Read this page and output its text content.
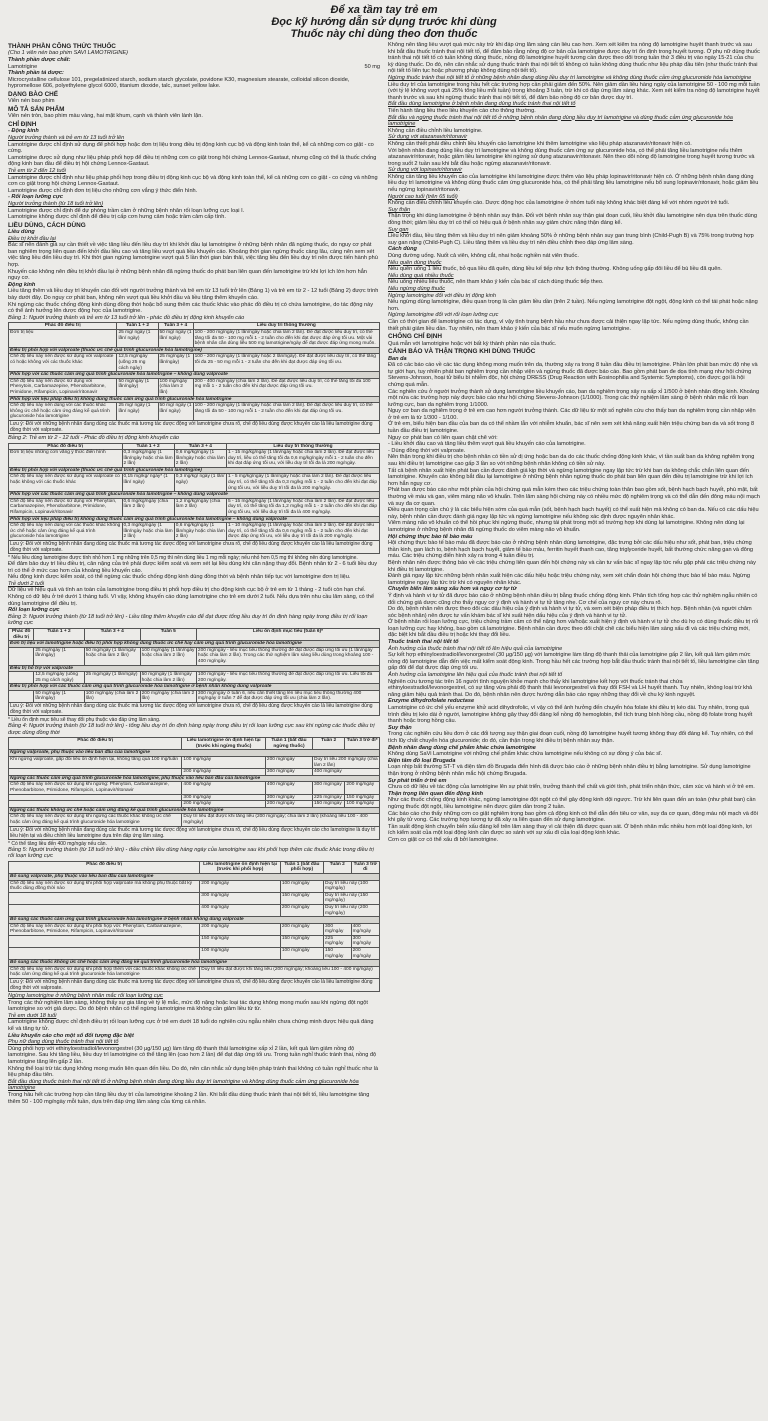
Để xa tầm tay trẻ em
Đọc kỹ hướng dẫn sử dụng trước khi dùng
Thuốc này chỉ dùng theo đơn thuốc
THÀNH PHẦN CÔNG THỨC THUỐC
(Cho 1 viên nén bao phim SAVI LAMOTRIGINE)
Thành phần dược chất:
Lamotrigine	50 mg
Thành phần tá dược:

Microcrystalline cellulose 101, pregelatinized starch, sodium starch glycolate, povidone K30, magnesium stearate, colloidal silicon dioxide, hypromellose 606, polyethylene glycol 6000, titanium dioxide, talc, sunset yellow lake.

DẠNG BÀO CHẾ

Viên nén bao phim

MÔ TẢ SẢN PHẨM

Viên nén tròn, bao phim màu vàng, hai mặt khum, cạnh và thành viên lành lặn.

CHỈ ĐỊNH
- Động kinh
Người trưởng thành và trẻ em từ 13 tuổi trở lên

Lamotrigine được chỉ định sử dụng để phối hợp hoặc đơn trị liệu trong điều trị động kinh cục bộ và động kinh toàn thể, kể cả những cơn co giật - co cứng.

Lamotrigine được sử dụng như liệu pháp phối hợp để điều trị những cơn co giật trong hội chứng Lennox-Gastaut, nhưng cũng có thể là thuốc chống động kinh ban đầu để điều trị hội chứng Lennox-Gastaut.

Trẻ em từ 2 đến 12 tuổi

Lamotrigine được chỉ định như liệu pháp phối hợp trong điều trị động kinh cục bộ và động kinh toàn thể, kể cả những cơn co giật - co cứng và những cơn co giật trong hội chứng Lennox-Gastaut.

Lamotrigine được chỉ định đơn trị liệu cho những cơn vắng ý thức điển hình.

- Rối loạn lưỡng cực
Người trưởng thành (từ 18 tuổi trở lên)

Lamotrigine được chỉ định để dự phòng trầm cảm ở những bệnh nhân rối loạn lưỡng cực loại I.

Lamotrigine không được chỉ định để điều trị cấp cơn hưng cảm hoặc trầm cảm cấp tính.

LIỀU DÙNG, CÁCH DÙNG
Liều dùng
Điều trị khởi đầu lại

Bác sĩ nên đánh giá sự cần thiết về việc tăng liều đến liều duy trì khi khởi đầu lại lamotrigine ở những bệnh nhân đã ngừng thuốc, do nguy cơ phát ban nghiêm trọng liên quan đến khởi đầu liều cao và tăng liều vượt quá liều khuyến cáo. Khoảng thời gian ngừng thuốc càng lâu, càng nên xem xét việc tăng liều đến liều duy trì. Khi thời gian ngừng lamotrigine vượt quá 5 lần thời gian bán thải, việc tăng liều đến liều duy trì nên được tiến hành phù hợp.

Khuyến cáo không nên điều trị khởi đầu lại ở những bệnh nhân đã ngừng thuốc do phát ban liên quan đến lamotrigine trừ khi lợi ích lớn hơn hẳn nguy cơ.

Động kinh

Liều tăng thêm và liều duy trì khuyến cáo đối với người trưởng thành và trẻ em từ 13 tuổi trở lên (Bảng 1) và trẻ em từ 2 - 12 tuổi (Bảng 2) được trình bày dưới đây. Do nguy cơ phát ban, không nên vượt quá liều khởi đầu và liều tăng thêm khuyến cáo.

Khi ngừng các thuốc chống động kinh dùng đồng thời hoặc bổ sung thêm các thuốc khác vào phác đồ điều trị có chứa lamotrigine, do tác động này có thể ảnh hưởng lên dược động học của lamotrigine.

Bảng 1: Người trưởng thành và trẻ em từ 13 tuổi trở lên - phác đồ điều trị động kinh khuyến cáo
Phác đồ điều trị	Tuần 1 + 2	Tuần 3 + 4	Liều duy trì thông thường
Đơn trị liệu	25 mg/ ngày (1 lần/ ngày)	50 mg/ ngày (1 lần/ ngày)	100 - 200 mg/ngày (1 lần/ngày hoặc chia làm 2 lần). Để đạt được liều duy trì, có thể tăng tối đa 50 - 100 mg mỗi 1 - 2 tuần cho đến khi đạt được đáp ứng tối ưu. Một vài bệnh nhân cần dùng liều 500 mg lamotrigine/ngày để đạt được đáp ứng mong muốn.
Điều trị phối hợp với valproate (thuốc ức chế quá trình glucuronide hóa lamotrigine)			
Chế độ liều này nên được sử dụng với valproate có hoặc không với các thuốc khác	12,5 mg/ngày (uống 25 mg cách ngày)	25 mg/ngày (1 lần/ngày)	100 - 200 mg/ngày (1 lần/ngày hoặc 2 lần/ngày). Để đạt được liều duy trì, có thể tăng tối đa 25 - 50 mg mỗi 1 - 2 tuần cho đến khi đạt được đáp ứng tối ưu.
Phối hợp với các thuốc cảm ứng quá trình glucuronide hóa lamotrigine – không dùng valproate			
Chế độ liều này nên được sử dụng với Phenytoin, Carbamazepine, Phenobarbitone, Primidone, Rifampicin, Lopinavir/ritonavir	50 mg/ngày (1 lần/ngày)	100 mg/ngày (chia làm 2 lần)	200 - 400 mg/ngày (chia làm 2 lần). Để đạt được liều duy trì, có thể tăng tối đa 100 mg mỗi 1 - 2 tuần cho đến khi đạt được đáp ứng tối ưu.
Phối hợp với liệu pháp điều trị không dùng thuốc cảm ứng quá trình glucuronide hóa lamotrigine			
Chế độ liều này nên dùng với các thuốc khác không ức chế hoặc cảm ứng đáng kể quá trình glucuronide hóa lamotrigine	25 mg/ ngày (1 lần/ ngày)	50 mg/ ngày (1 lần/ ngày)	100 - 200 mg/ngày (1 lần/ngày hoặc chia làm 2 lần). Để đạt được liều duy trì, có thể tăng tối đa 50 - 100 mg mỗi 1 - 2 tuần cho đến khi đạt đáp ứng tối ưu.
Lưu ý: Đối với những bệnh nhân đang dùng các thuốc mà tương tác dược động với lamotrigine chưa rõ, chế độ liều dùng được khuyến cáo là liều lamotrigine dùng đồng thời với valproate.			
Bảng 2: Trẻ em từ 2 - 12 tuổi - Phác đồ điều trị động kinh khuyến cáo
Phác đồ điều trị	Tuần 1 + 2	Tuần 3 + 4	Liều duy trì thông thường
Đơn trị liệu những cơn vắng ý thức điển hình	0,3 mg/kg/ngày (1 lần/ngày hoặc chia làm 2 lần)	0,6 mg/kg/ngày (1 lần/ngày hoặc chia làm 2 lần)	1 - 15 mg/kg/ngày (1 lần/ngày hoặc chia làm 2 lần). Để đạt được liều duy trì, liều có thể tăng tối đa 0,6 mg/kg/ngày mỗi 1 - 2 tuần cho đến khi đạt đáp ứng tối ưu, với liều duy trì tối đa là 200 mg/ngày.
Điều trị phối hợp với valproate (thuốc ức chế quá trình glucuronide hóa lamotrigine)			
Chế độ liều này nên được sử dụng với valproate có hoặc không với các thuốc khác	0,15 mg/kg/ ngày* (1 lần/ ngày)	0,3 mg/kg/ ngày (1 lần/ ngày)	1 - 5 mg/kg/ngày (1 lần/ngày hoặc chia làm 2 lần). Để đạt được liều duy trì, có thể tăng tối đa 0,3 mg/kg mỗi 1 - 2 tuần cho đến khi đạt đáp ứng tối ưu, với liều duy trì tối đa là 200 mg/ngày.
Phối hợp với các thuốc cảm ứng quá trình glucuronide hóa lamotrigine – không dùng valproate			
Chế độ liều này nên được sử dụng với Phenytoin, Carbamazepine, Phenobarbitone, Primidone, Rifampicin, Lopinavir/ritonavir	0,6 mg/kg/ngày (chia làm 2 lần)	1,2 mg/kg/ngày (chia làm 2 lần)	5 - 15 mg/kg/ngày (1 lần/ngày hoặc chia làm 2 lần). Để đạt được liều duy trì, có thể tăng tối đa 1,2 mg/kg mỗi 1 - 2 tuần cho đến khi đạt đáp ứng tối ưu, với liều duy trì tối đa là 400 mg/ngày.
Phối hợp với liệu pháp điều trị không dùng thuốc cảm ứng quá trình glucuronide hóa lamotrigine – không dùng valproate			
Chế độ liều này nên dùng với các thuốc khác không ức chế hoặc cảm ứng đáng kể quá trình glucuronide hóa lamotrigine	0,3 mg/kg/ngày (1 lần/ngày hoặc chia làm 2 lần)	0,6 mg/kg/ngày (1 lần/ngày hoặc chia làm 2 lần)	1 - 10 mg/kg/ngày (1 lần/ngày hoặc chia làm 2 lần). Để đạt được liều duy trì, có thể tăng tối đa 0,6 mg/kg mỗi 1 - 2 tuần cho đến khi đạt được đáp ứng tối ưu, với liều duy trì tối đa là 200 mg/ngày.
Lưu ý: Đối với những bệnh nhân đang dùng các thuốc mà tương tác dược động với lamotrigine chưa rõ, chế độ liều dùng được khuyến cáo là liều lamotrigine dùng đồng thời với valproate.			

* Nếu liều dùng lamotrigine được tính nhỏ hơn 1 mg những trên 0,5 mg thì nên dùng liều 1 mg mỗi ngày; nếu nhỏ hơn 0,5 mg thì không nên dùng lamotrigine.

Để đảm bảo duy trì liều điều trị, cân nặng của trẻ phải được kiểm soát và xem xét lại liều dùng khi cân nặng thay đổi. Bệnh nhân từ 2 - 6 tuổi liều duy trì có thể ở mức cao hơn của khoảng liều khuyến cáo.

Nếu động kinh được kiểm soát, có thể ngừng các thuốc chống động kinh dùng đồng thời và bệnh nhân tiếp tục với lamotrigine đơn trị liệu.

Trẻ dưới 2 tuổi

Dữ liệu về hiệu quả và tính an toàn của lamotrigine trong điều trị phối hợp điều trị cho động kinh cục bộ ở trẻ em từ 1 tháng - 2 tuổi còn hạn chế. Không có dữ liệu ở trẻ dưới 1 tháng tuổi. Vì vậy, không khuyến cáo dùng lamotrigine cho trẻ em dưới 2 tuổi. Nếu dựa trên nhu cầu lâm sàng, có thể dùng lamotrigine để điều trị.

Rối loạn lưỡng cực
Bảng 3: Người trưởng thành (từ 18 tuổi trở lên) - Liều tăng thêm khuyến cáo để đạt được tổng liều duy trì ổn định hàng ngày trong điều trị rối loạn lưỡng cực
Phác đồ điều trị	Tuần 1 + 2	Tuần 3 + 4	Tuần 5	Liều ổn định mục tiêu (tuần 6)*
Đơn trị liệu với lamotrigine hoặc điều trị phối hợp không dùng thuốc ức chế hay cảm ứng quá trình glucuronide hóa lamotrigine				
	25 mg/ngày (1 lần/ngày)	50 mg/ngày (1 lần/ngày hoặc chia làm 2 lần)	100 mg/ngày (1 lần/ngày hoặc chia làm 2 lần)	200 mg/ngày - liều mục tiêu thông thường để đạt được đáp ứng tối ưu (1 lần/ngày hoặc chia làm 2 lần). Trong các thử nghiệm lâm sàng liều dùng trong khoảng 100 - 400 mg/ngày.
Điều trị hỗ trợ với valproate				
	12,5 mg/ngày (uống 25 mg cách ngày)	25 mg/ngày (1 lần/ngày)	50 mg/ngày (1 lần/ngày hoặc chia làm 2 lần)	100 mg/ngày - liều mục tiêu thông thường để đạt được đáp ứng tối ưu. Liều tối đa 200 mg/ngày.
Điều trị phối hợp với các thuốc cảm ứng quá trình glucuronide hóa lamotrigine ở bệnh nhân không dùng valproate				
	50 mg/ngày (1 lần/ngày)	100 mg/ngày (chia làm 2 lần)	200 mg/ngày (chia làm 2 lần)	300 mg/ngày ở tuần 6, nếu cần thiết tăng lên liều mục tiêu thông thường 400 mg/ngày ở tuần 7 để đạt được đáp ứng tối ưu (chia làm 2 lần).
Lưu ý: Đối với những bệnh nhân đang dùng các thuốc mà tương tác dược động với lamotrigine chưa rõ, chế độ liều dùng được khuyến cáo là liều lamotrigine dùng đồng thời với valproate.				

* Liều ổn định mục tiêu sẽ thay đổi phụ thuộc vào đáp ứng lâm sàng.

Bảng 4: Người trưởng thành (từ 18 tuổi trở lên) - tổng liều duy trì ổn định hàng ngày trong điều trị rối loạn lưỡng cực sau khi ngừng các thuốc điều trị được dùng đồng thời
Phác đồ điều trị	Liều lamotrigine ổn định hiện tại (trước khi ngừng thuốc)	Tuần 1 (bắt đầu ngừng thuốc)	Tuần 2	Tuần 3 trở đi*
Ngừng valproate, phụ thuộc vào liều ban đầu của lamotrigine				
Khi ngừng valproate, gấp đôi liều ổn định hiện tại, không tăng quá 100 mg/tuần	100 mg/ngày	200 mg/ngày	Duy trì liều 200 mg/ngày (chia làm 2 lần)	
	200 mg/ngày	300 mg/ngày	400 mg/ngày	
Ngừng các thuốc cảm ứng quá trình glucuronide hóa lamotrigine, phụ thuộc vào liều ban đầu của lamotrigine				
Chế độ liều này nên được sử dụng khi ngừng: Phenytoin, Carbamazepine, Phenobarbitone, Primidone, Rifampicin, Lopinavir/ritonavir	400 mg/ngày	400 mg/ngày	300 mg/ngày	200 mg/ngày
	300 mg/ngày	300 mg/ngày	225 mg/ngày	150 mg/ngày
	200 mg/ngày	200 mg/ngày	150 mg/ngày	100 mg/ngày
Ngừng các thuốc không ức chế hoặc cảm ứng đáng kể quá trình glucuronide hóa lamotrigine				
Chế độ liều này nên được sử dụng khi ngừng các thuốc khác không ức chế hoặc cảm ứng đáng kể quá trình glucuronide hóa lamotrigine	Duy trì liều đạt được khi tăng liều (200 mg/ngày; chia làm 2 lần) (khoảng liều 100 - 400 mg/ngày)			
Lưu ý: Đối với những bệnh nhân đang dùng các thuốc mà tương tác dược động với lamotrigine chưa rõ, chế độ liều dùng được khuyến cáo cho lamotrigine là duy trì liều hiện tại và điều chỉnh liều lamotrigine dựa trên đáp ứng lâm sàng.				

* Có thể tăng liều đến 400 mg/ngày nếu cần.

Bảng 5: Người trưởng thành (từ 18 tuổi trở lên) - điều chỉnh liều dùng hàng ngày của lamotrigine sau khi phối hợp thêm các thuốc khác trong điều trị rối loạn lưỡng cực
Phác đồ điều trị	Liều lamotrigine ổn định hiện tại (trước khi phối hợp)	Tuần 1 (bắt đầu phối hợp)	Tuần 2	Tuần 3 trở đi
Bổ sung valproate, phụ thuộc vào liều ban đầu của lamotrigine				
Chế độ liều này nên được sử dụng khi phối hợp valproate mà không phụ thuộc bất kỳ thuốc dùng đồng thời nào	200 mg/ngày	100 mg/ngày	Duy trì liều này (100 mg/ngày)	
	300 mg/ngày	150 mg/ngày	Duy trì liều này (150 mg/ngày)	
	400 mg/ngày	200 mg/ngày	Duy trì liều này (200 mg/ngày)	
Bổ sung các thuốc cảm ứng quá trình glucuronide hóa lamotrigine ở bệnh nhân không dùng valproate				
Chế độ liều này nên được sử dụng khi phối hợp với: Phenytoin, Carbamazepine, Phenobarbitone, Primidone, Rifampicin, Lopinavir/ritonavir	200 mg/ngày	200 mg/ngày	300 mg/ngày	400 mg/ngày
	150 mg/ngày	150 mg/ngày	225 mg/ngày	300 mg/ngày
	100 mg/ngày	100 mg/ngày	150 mg/ngày	200 mg/ngày
Bổ sung các thuốc không ức chế hoặc cảm ứng đáng kể quá trình glucuronide hóa lamotrigine				
Chế độ liều này nên được sử dụng khi phối hợp thêm với các thuốc khác không ức chế hoặc cảm ứng đáng kể quá trình glucuronide hóa lamotrigine	Duy trì liều đạt được khi tăng liều (200 mg/ngày; khoảng liều 100 - 400 mg/ngày)			
Lưu ý: Đối với những bệnh nhân đang dùng các thuốc mà tương tác dược động với lamotrigine chưa rõ, chế độ liều dùng được khuyến cáo là liều lamotrigine dùng đồng thời với valproate.				
Ngừng lamotrigine ở những bệnh nhân mắc rối loạn lưỡng cực

Trong các thử nghiệm lâm sàng, không thấy sự gia tăng về tỷ lệ mắc, mức độ nặng hoặc loại tác dụng không mong muốn sau khi ngừng đột ngột lamotrigine so với giả dược. Do đó bệnh nhân có thể ngừng lamotrigine mà không cần giảm liều từ từ.

Trẻ em dưới 18 tuổi

Lamotrigine không được chỉ định điều trị rối loạn lưỡng cực ở trẻ em dưới 18 tuổi do nghiên cứu ngẫu nhiên chưa chứng minh được hiệu quả đáng kể và tăng tự tử.

Liều khuyến cáo cho một số đối tượng đặc biệt
Phụ nữ đang dùng thuốc tránh thai nội tiết tố

Dùng phối hợp với ethinyloestradiol/levonorgestrel (30 µg/150 µg) làm tăng độ thanh thải lamotrigine xấp xỉ 2 lần, kết quả làm giảm nồng độ lamotrigine. Sau khi tăng liều, liều duy trì lamotrigine có thể tăng lên (cao hơn 2 lần) để đạt đáp ứng tối ưu. Trong tuần nghỉ thuốc tránh thai, nồng độ lamotrigine tăng lên gấp 2 lần.

Không thể loại trừ tác dụng không mong muốn liên quan đến liều. Do đó, nên cân nhắc sử dụng biện pháp tránh thai không có tuần nghỉ thuốc như là liệu pháp đầu tiên.

Bắt đầu dùng thuốc tránh thai nội tiết tố ở những bệnh nhân đang dùng liều duy trì lamotrigine và không dùng thuốc cảm ứng glucuronide hóa lamotrigine

Trong hầu hết các trường hợp cần tăng liều duy trì của lamotrigine khoảng 2 lần. Khi bắt đầu dùng thuốc tránh thai nội tiết tố, liều lamotrigine tăng thêm 50 - 100 mg/ngày mỗi tuần, dựa trên đáp ứng lâm sàng của từng cá nhân.

Không nên tăng liều vượt quá mức này trừ khi đáp ứng lâm sàng cần liều cao hơn. Xem xét kiểm tra nồng độ lamotrigine huyết thanh trước và sau khi bắt đầu thuốc tránh thai nội tiết tố, để đảm bảo rằng nồng độ cơ bản của lamotrigine được duy trì ổn định trong huyết tương. Ở phụ nữ dùng thuốc tránh thai nội tiết tố có tuần không dùng thuốc, nồng độ lamotrigine huyết tương cần được theo dõi trong tuần thứ 3 điều trị vào ngày 15-21 của chu kỳ dùng thuốc. Do đó, nên cân nhắc sử dụng thuốc tránh thai nội tiết tố không có tuần không dùng thuốc như liệu pháp đầu tiên (như thuốc tránh thai nội tiết tố liên tục hoặc phương pháp không dùng nội tiết tố).

Ngừng thuốc tránh thai nội tiết tố ở những bệnh nhân đang dùng liều duy trì lamotrigine và không dùng thuốc cảm ứng glucuronide hóa lamotrigine

Liều duy trì của lamotrigine trong hầu hết các trường hợp cần phải giảm đến 50%. Nên giảm dần liều hàng ngày của lamotrigine 50 - 100 mg mỗi tuần (với tỷ lệ không vượt quá 25% tổng liều mỗi tuần) trong khoảng 3 tuần, trừ khi có đáp ứng lâm sàng khác. Xem xét kiểm tra nồng độ lamotrigine huyết thanh trước và sau khi ngừng thuốc tránh thai nội tiết tố, để đảm bảo nồng độ cơ bản được duy trì.

Bắt đầu dùng lamotrigine ở bệnh nhân đang dùng thuốc tránh thai nội tiết tố

Tiến hành tăng liều theo liều khuyến cáo cho thông thường.

Bắt đầu và ngừng thuốc tránh thai nội tiết tố ở những bệnh nhân đang dùng liều duy trì lamotrigine và dùng thuốc cảm ứng glucuronide hóa lamotrigine

Không cần điều chỉnh liều lamotrigine.

Sử dụng với atazanavir/ritonavir

Không cần thiết phải điều chỉnh liều khuyến cáo lamotrigine khi thêm lamotrigine vào liệu pháp atazanavir/ritonavir hiện có.

Với bệnh nhân đang dùng liều duy trì lamotrigine và không dùng thuốc cảm ứng sự glucuronide hóa, có thể phải tăng liều lamotrigine nếu thêm atazanavir/ritonavir, hoặc giảm liều lamotrigine khi ngừng sử dụng atazanavir/ritonavir. Nên theo dõi nồng độ lamotrigine trong huyết tương trước và trong suốt 2 tuần sau khi bắt đầu hoặc ngừng atazanavir/ritonavir.

Sử dụng với lopinavir/ritonavir

Không cần tăng liều khuyến cáo của lamotrigine khi lamotrigine được thêm vào liệu pháp lopinavir/ritonavir hiện có. Ở những bệnh nhân đang dùng liều duy trì lamotrigine và không dùng thuốc cảm ứng glucuronide hóa, có thể phải tăng liều lamotrigine nếu bổ sung lopinavir/ritonavir, hoặc giảm liều nếu ngừng lopinavir/ritonavir.

Người cao tuổi (trên 65 tuổi)

Không cần điều chỉnh liều khuyến cáo. Dược động học của lamotrigine ở nhóm tuổi này không khác biệt đáng kể với nhóm người trẻ tuổi.

Suy thận

Thận trọng khi dùng lamotrigine ở bệnh nhân suy thận. Đối với bệnh nhân suy thận giai đoạn cuối, liều khởi đầu lamotrigine nên dựa trên thuốc dùng đồng thời; giảm liều duy trì có thể có hiệu quả ở bệnh nhân suy giảm chức năng thận đáng kể.

Suy gan

Liều khởi đầu, liều tăng thêm và liều duy trì nên giảm khoảng 50% ở những bệnh nhân suy gan trung bình (Child-Pugh B) và 75% trong trường hợp suy gan nặng (Child-Pugh C). Liều tăng thêm và liều duy trì nên điều chỉnh theo đáp ứng lâm sàng.

Cách dùng

Dùng đường uống. Nuốt cả viên, không cắt, nhai hoặc nghiền nát viên thuốc.

Nếu quên dùng thuốc

Nếu quên uống 1 liều thuốc, bỏ qua liều đã quên, dùng liều kế tiếp như lịch thông thường. Không uống gấp đôi liều để bù liều đã quên.

Nếu dùng quá nhiều thuốc

Nếu uống nhiều liều thuốc, nên tham khảo ý kiến của bác sĩ cách dùng thuốc tiếp theo.

Nếu ngừng dùng thuốc
Ngừng lamotrigine đối với điều trị động kinh

Nếu ngừng dùng lamotrigine, điều quan trọng là cần giảm liều dần (trên 2 tuần). Nếu ngừng lamotrigine đột ngột, động kinh có thể tái phát hoặc nặng hơn.

Ngừng lamotrigine đối với rối loạn lưỡng cực

Cần có thời gian để lamotrigine có tác dụng, vì vậy tình trạng bệnh hầu như chưa được cải thiện ngay lập tức. Nếu ngừng dùng thuốc, không cần thiết phải giảm liều dần. Tuy nhiên, nên tham khảo ý kiến của bác sĩ nếu muốn ngừng lamotrigine.

CHỐNG CHỈ ĐỊNH

Quá mẫn với lamotrigine hoặc với bất kỳ thành phần nào của thuốc.

CẢNH BÁO VÀ THẬN TRỌNG KHI DÙNG THUỐC
Ban da

Đã có các báo cáo về các tác dụng không mong muốn trên da, thường xảy ra trong 8 tuần đầu điều trị lamotrigine. Phần lớn phát ban mức độ nhẹ và tự giới hạn, tuy nhiên phát ban nghiêm trọng cần nhập viện và ngừng thuốc đã được báo cáo. Bao gồm phát ban đe dọa tính mạng như hội chứng Stevens-Johnson, hoại tử biểu bì nhiễm độc, hội chứng DRESS (Drug Reaction with Eosinophilia and Systemic Symptoms), còn được gọi là hội chứng quá mẫn.

Các nghiên cứu ở người trưởng thành sử dụng lamotrigine liều khuyến cáo, ban da nghiêm trọng xảy ra xấp xỉ 1/500 ở bệnh nhân động kinh. Khoảng một nửa các trường hợp này được báo cáo như hội chứng Stevens-Johnson (1/1000). Trong các thử nghiệm lâm sàng ở bệnh nhân mắc rối loạn lưỡng cực, ban da nghiêm trọng 1/1000.

Nguy cơ ban da nghiêm trọng ở trẻ em cao hơn người trưởng thành. Các dữ liệu từ một số nghiên cứu cho thấy ban da nghiêm trọng cần nhập viện ở trẻ em là từ 1/300 - 1/100.

Ở trẻ em, biểu hiện ban đầu của ban da có thể nhầm lẫn với nhiễm khuẩn, bác sĩ nên xem xét khả năng xuất hiện triệu chứng ban da và sốt trong 8 tuần đầu điều trị lamotrigine.

Nguy cơ phát ban có liên quan chặt chẽ với:

- Liều khởi đầu cao và tăng liều thêm vượt quá liều khuyến cáo của lamotrigine.
- Dùng đồng thời với valproate.

Nên thận trọng khi điều trị cho bệnh nhân có tiền sử dị ứng hoặc ban da do các thuốc chống động kinh khác, vì tần suất ban da không nghiêm trọng sau khi điều trị lamotrigine cao gấp 3 lần so với những bệnh nhân không có tiền sử này.

Tất cả bệnh nhân xuất hiện phát ban cần được đánh giá kịp thời và ngừng lamotrigine ngay lập tức trừ khi ban da không chắc chắn liên quan đến lamotrigine. Khuyến cáo không bắt đầu lại lamotrigine ở những bệnh nhân ngừng thuốc do phát ban liên quan đến điều trị lamotrigine trừ khi lợi ích hơn hẳn nguy cơ.

Phát ban được báo cáo như một phần của hội chứng quá mẫn kèm theo các triệu chứng toàn thân bao gồm sốt, bệnh hạch bạch huyết, phù mặt, bất thường về máu và gan, viêm màng não vô khuẩn. Trên lâm sàng hội chứng này có nhiều mức độ nghiêm trọng và có thể dẫn đến đông máu nội mạch và suy đa cơ quan.

Điều quan trọng cần chú ý là các biểu hiện sớm của quá mẫn (sốt, bệnh hạch bạch huyết) có thể xuất hiện mà không có ban da. Nếu có các dấu hiệu này, bệnh nhân cần được đánh giá ngay lập tức và ngừng lamotrigine nếu không xác định được nguyên nhân khác.

Viêm màng não vô khuẩn có thể hồi phục khi ngừng thuốc, nhưng tái phát trong một số trường hợp khi dùng lại lamotrigine. Không nên dùng lại lamotrigine ở những bệnh nhân đã ngừng thuốc do viêm màng não vô khuẩn.

Hội chứng thực bào tế bào máu

Hội chứng thực bào tế bào máu đã được báo cáo ở những bệnh nhân dùng lamotrigine, đặc trưng bởi các dấu hiệu như sốt, phát ban, triệu chứng thần kinh, gan lách to, bệnh hạch bạch huyết, giảm tế bào máu, ferritin huyết thanh cao, tăng triglyceride huyết, bất thường chức năng gan và đông máu. Các triệu chứng điển hình xảy ra trong 4 tuần điều trị.

Bệnh nhân nên được thông báo về các triệu chứng liên quan đến hội chứng này và cần tư vấn bác sĩ ngay lập tức nếu gặp phải các triệu chứng này khi điều trị lamotrigine.

Đánh giá ngay lập tức những bệnh nhân xuất hiện các dấu hiệu hoặc triệu chứng này, xem xét chẩn đoán hội chứng thực bào tế bào máu. Ngừng lamotrigine ngay lập tức trừ khi có nguyên nhân khác.

Chuyển biến lâm sàng xấu hơn và nguy cơ tự tử

Ý định và hành vi tự tử đã được báo cáo ở những bệnh nhân điều trị bằng thuốc chống động kinh. Phân tích tổng hợp các thử nghiệm ngẫu nhiên có đối chứng giả dược cũng cho thấy nguy cơ ý định và hành vi tự tử tăng nhẹ. Cơ chế của nguy cơ này chưa rõ.

Do đó, bệnh nhân nên được theo dõi các dấu hiệu của ý định và hành vi tự tử, và xem xét biện pháp điều trị thích hợp. Bệnh nhân (và người chăm sóc bệnh nhân) nên được tư vấn khám bác sĩ khi xuất hiện dấu hiệu của ý định và hành vi tự tử.

Ở bệnh nhân rối loạn lưỡng cực, triệu chứng trầm cảm có thể nặng hơn và/hoặc xuất hiện ý định và hành vi tự tử cho dù họ có dùng thuốc điều trị rối loạn lưỡng cực hay không, bao gồm cả lamotrigine. Bệnh nhân cần được theo dõi chặt chẽ các biểu hiện lâm sàng xấu đi và các triệu chứng mới, đặc biệt khi bắt đầu điều trị hoặc khi thay đổi liều.

Thuốc tránh thai nội tiết tố
Ảnh hưởng của thuốc tránh thai nội tiết tố lên hiệu quả của lamotrigine

Sự kết hợp ethinyloestradiol/levonorgestrel (30 µg/150 µg) với lamotrigine làm tăng độ thanh thải của lamotrigine gấp 2 lần, kết quả làm giảm mức nồng độ lamotrigine dẫn đến việc mất kiểm soát động kinh. Trong hầu hết các trường hợp bắt đầu thuốc tránh thai nội tiết tố, liều lamotrigine cần tăng gấp đôi để đạt được đáp ứng tối ưu.

Ảnh hưởng của lamotrigine lên hiệu quả của thuốc tránh thai nội tiết tố

Nghiên cứu tương tác trên 16 người tình nguyện khỏe mạnh cho thấy khi lamotrigine kết hợp với thuốc tránh thai chứa ethinyloestradiol/levonorgestrel, có sự tăng vừa phải độ thanh thải levonorgestrel và thay đổi FSH và LH huyết thanh. Tuy nhiên, không loại trừ khả năng giảm hiệu quả tránh thai. Do đó, bệnh nhân nên được hướng dẫn báo cáo ngay những thay đổi về chu kỳ kinh nguyệt.

Enzyme dihydrofolate reductase

Lamotrigine có ức chế yếu enzyme khử acid dihydrofolic, vì vậy có thể ảnh hưởng đến chuyển hóa folate khi điều trị kéo dài. Tuy nhiên, trong quá trình điều trị kéo dài ở người, lamotrigine không gây thay đổi đáng kể nồng độ hemoglobin, thể tích trung bình hồng cầu, nồng độ folate trong huyết thanh hoặc trong hồng cầu.

Suy thận

Trong các nghiên cứu liều đơn ở các đối tượng suy thận giai đoạn cuối, nồng độ lamotrigine huyết tương không thay đổi đáng kể. Tuy nhiên, có thể tích lũy chất chuyển hóa glucuronide; do đó, cần thận trọng khi điều trị bệnh nhân suy thận.

Bệnh nhân đang dùng chế phẩm khác chứa lamotrigine

Không dùng SaVi Lamotrigine với những chế phẩm khác chứa lamotrigine nếu không có sự đồng ý của bác sĩ.

Điện tâm đồ loại Brugada

Loạn nhịp bất thường ST-T và điện tâm đồ Brugada điển hình đã được báo cáo ở những bệnh nhân điều trị bằng lamotrigine. Sử dụng lamotrigine thận trọng ở những bệnh nhân mắc hội chứng Brugada.

Sự phát triển ở trẻ em

Chưa có dữ liệu về tác động của lamotrigine lên sự phát triển, trưởng thành thể chất và giới tính, phát triển nhận thức, cảm xúc và hành vi ở trẻ em.

Thận trọng liên quan đến động kinh

Như các thuốc chống động kinh khác, ngừng lamotrigine đột ngột có thể gây động kinh dội ngược. Trừ khi liên quan đến an toàn (như phát ban) cần ngừng thuốc đột ngột, liều lamotrigine nên được giảm dần trong 2 tuần.

Các báo cáo cho thấy những cơn co giật nghiêm trọng bao gồm cả động kinh có thể dẫn đến tiêu cơ vân, suy đa cơ quan, đông máu nội mạch và đôi khi gây tử vong. Các trường hợp tương tự đã xảy ra liên quan đến sử dụng lamotrigine.

Tần suất động kinh chuyển biến xấu đáng kể trên lâm sàng thay vì cải thiện đã được quan sát. Ở bệnh nhân mắc nhiều hơn một loại động kinh, lợi ích kiểm soát của một loại động kinh cần được so sánh với sự xấu đi của loại động kinh khác.

Cơn co giật cơ có thể xấu đi bởi lamotrigine.
